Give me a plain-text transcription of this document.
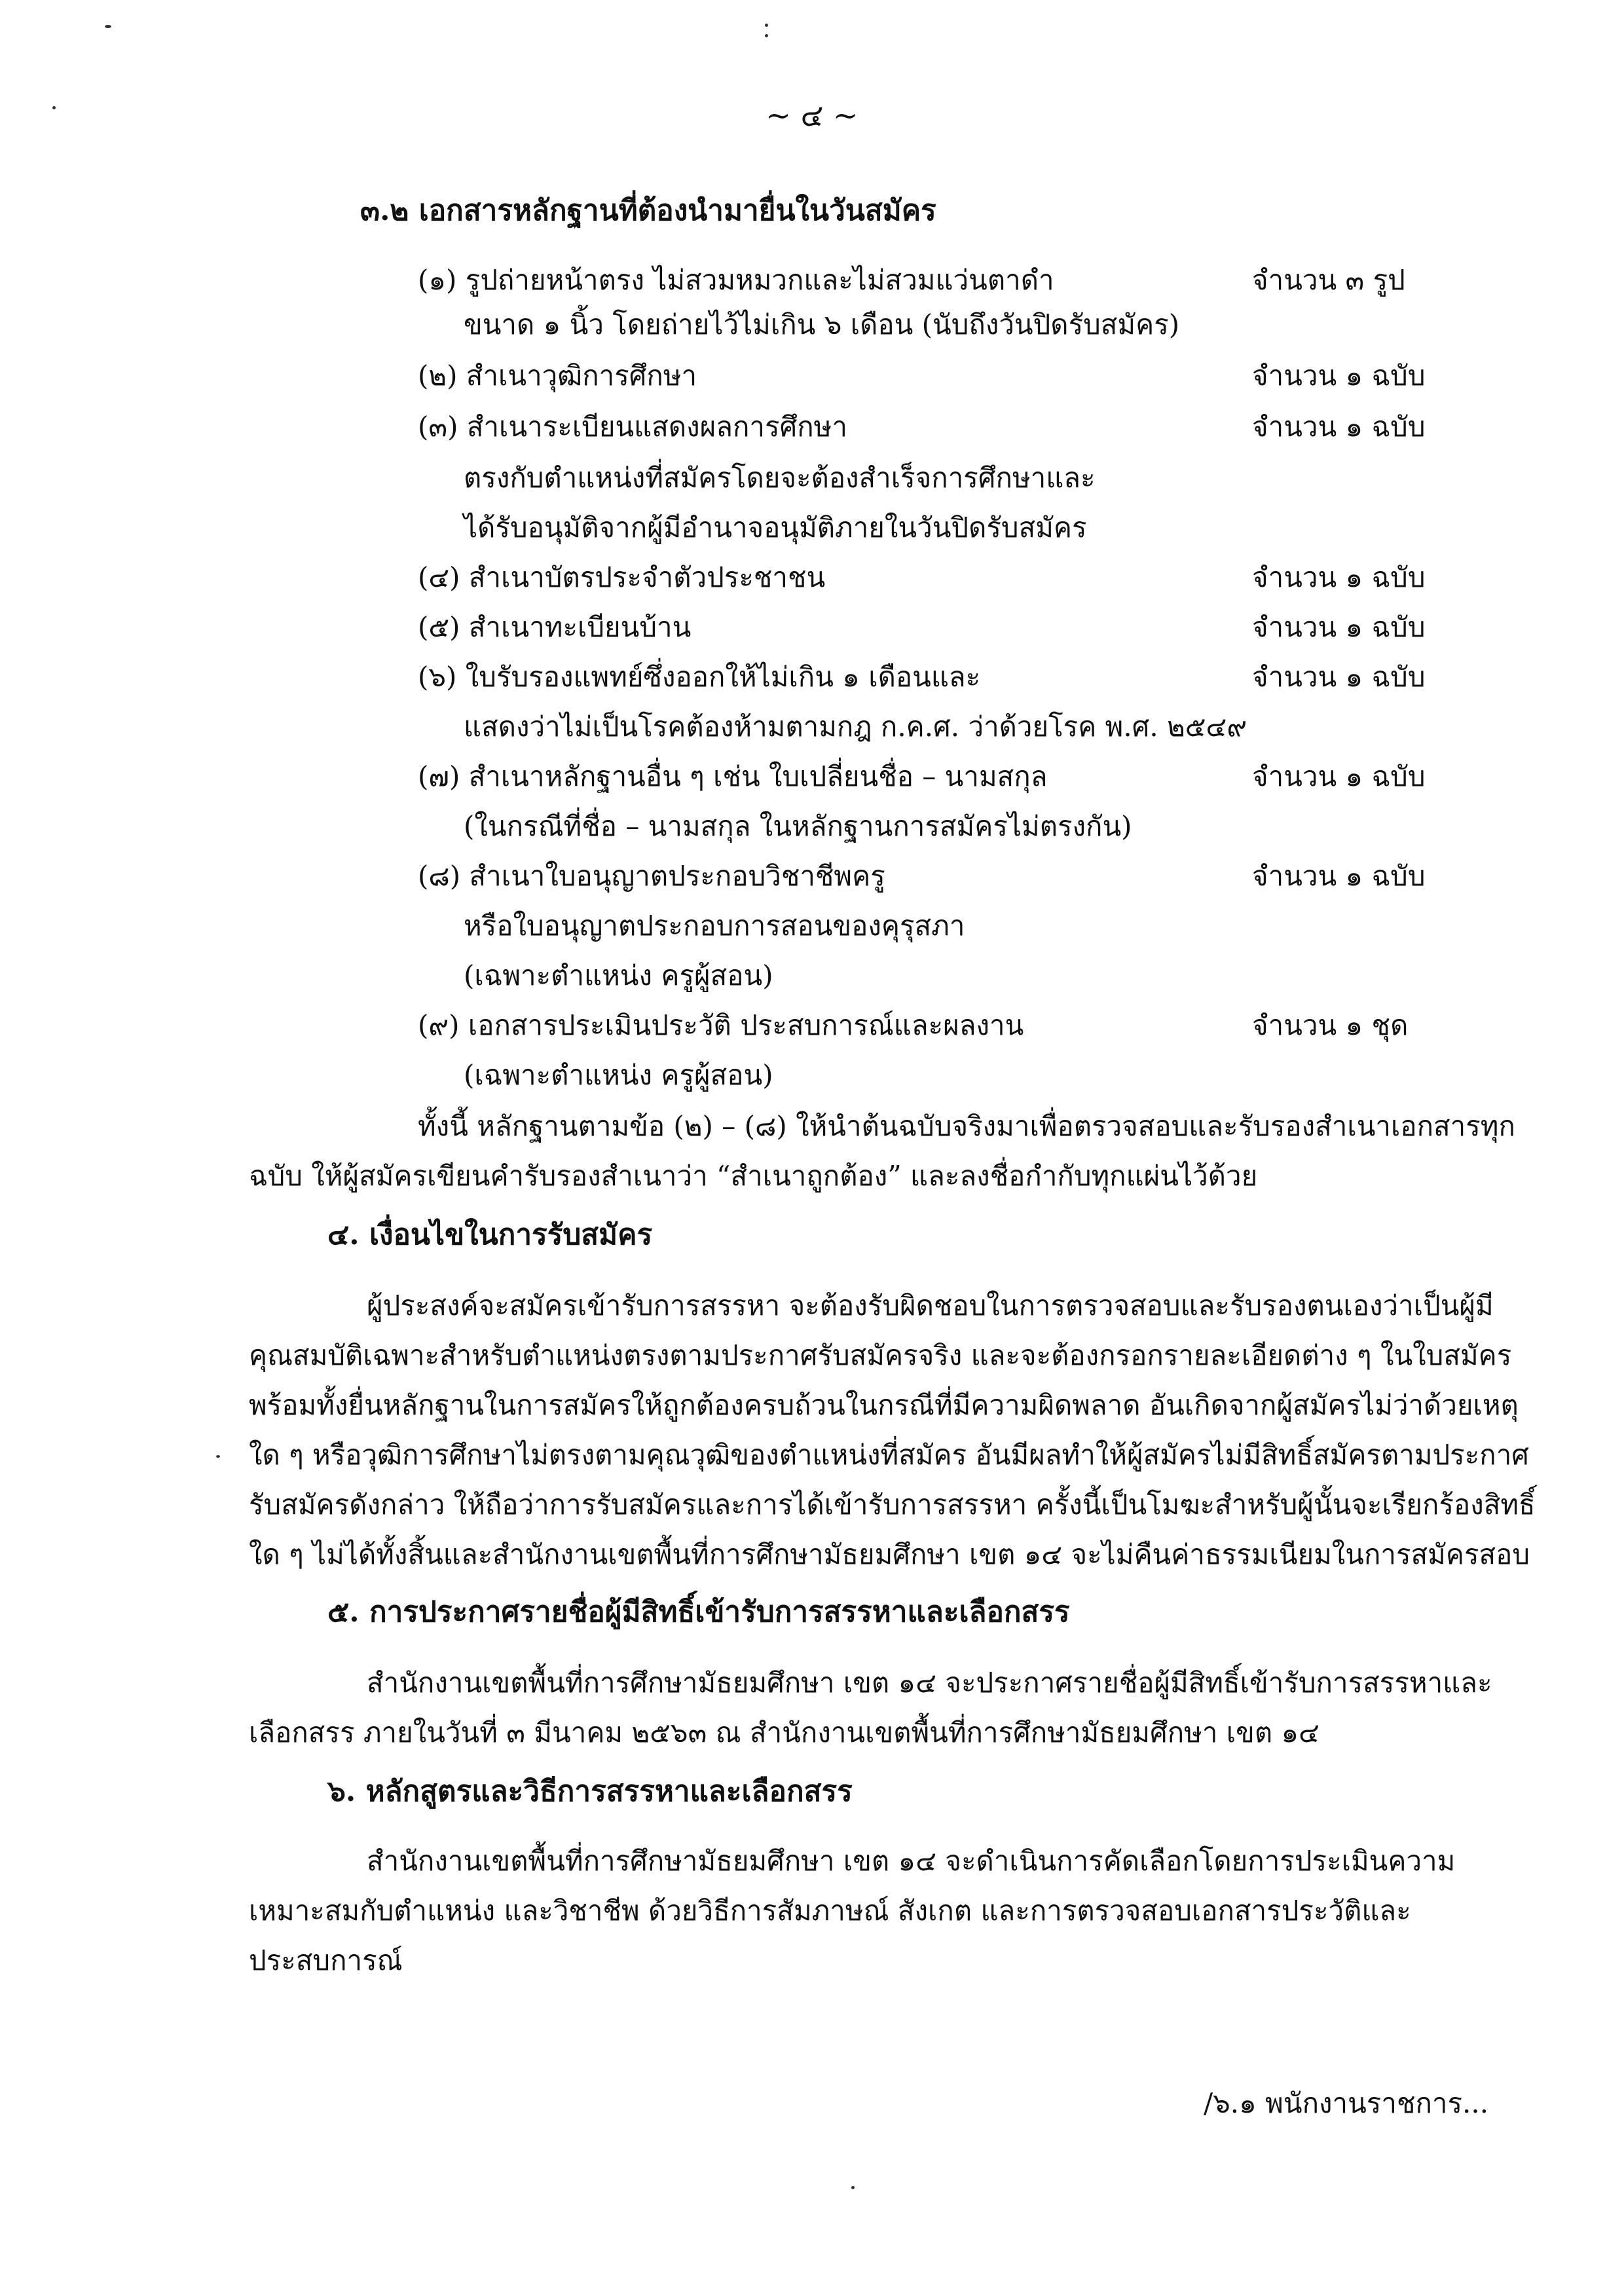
~ ๔ ~
๓.๒ เอกสารหลักฐานที่ต้องนำมายื่นในวันสมัคร
(๑) รูปถ่ายหน้าตรง ไม่สวมหมวกและไม่สวมแว่นตาดำ	จำนวน ๓ รูป
ขนาด ๑ นิ้ว โดยถ่ายไว้ไม่เกิน ๖ เดือน (นับถึงวันปิดรับสมัคร)
(๒) สำเนาวุฒิการศึกษา	จำนวน ๑ ฉบับ
(๓) สำเนาระเบียนแสดงผลการศึกษา	จำนวน ๑ ฉบับ
ตรงกับตำแหน่งที่สมัครโดยจะต้องสำเร็จการศึกษาและ
ได้รับอนุมัติจากผู้มีอำนาจอนุมัติภายในวันปิดรับสมัคร
(๔) สำเนาบัตรประจำตัวประชาชน	จำนวน ๑ ฉบับ
(๕) สำเนาทะเบียนบ้าน	จำนวน ๑ ฉบับ
(๖) ใบรับรองแพทย์ซึ่งออกให้ไม่เกิน ๑ เดือนและ	จำนวน ๑ ฉบับ
แสดงว่าไม่เป็นโรคต้องห้ามตามกฎ ก.ค.ศ. ว่าด้วยโรค พ.ศ. ๒๕๔๙
(๗) สำเนาหลักฐานอื่น ๆ เช่น ใบเปลี่ยนชื่อ – นามสกุล	จำนวน ๑ ฉบับ
(ในกรณีที่ชื่อ – นามสกุล ในหลักฐานการสมัครไม่ตรงกัน)
(๘) สำเนาใบอนุญาตประกอบวิชาชีพครู	จำนวน ๑ ฉบับ
หรือใบอนุญาตประกอบการสอนของคุรุสภา
(เฉพาะตำแหน่ง ครูผู้สอน)
(๙) เอกสารประเมินประวัติ ประสบการณ์และผลงาน	จำนวน ๑ ชุด
(เฉพาะตำแหน่ง ครูผู้สอน)
ทั้งนี้ หลักฐานตามข้อ (๒) – (๘) ให้นำต้นฉบับจริงมาเพื่อตรวจสอบและรับรองสำเนาเอกสารทุก
ฉบับ ให้ผู้สมัครเขียนคำรับรองสำเนาว่า “สำเนาถูกต้อง” และลงชื่อกำกับทุกแผ่นไว้ด้วย
๔. เงื่อนไขในการรับสมัคร
ผู้ประสงค์จะสมัครเข้ารับการสรรหา จะต้องรับผิดชอบในการตรวจสอบและรับรองตนเองว่าเป็นผู้มี
คุณสมบัติเฉพาะสำหรับตำแหน่งตรงตามประกาศรับสมัครจริง และจะต้องกรอกรายละเอียดต่าง ๆ ในใบสมัคร
พร้อมทั้งยื่นหลักฐานในการสมัครให้ถูกต้องครบถ้วนในกรณีที่มีความผิดพลาด อันเกิดจากผู้สมัครไม่ว่าด้วยเหตุ
ใด ๆ หรือวุฒิการศึกษาไม่ตรงตามคุณวุฒิของตำแหน่งที่สมัคร อันมีผลทำให้ผู้สมัครไม่มีสิทธิ์สมัครตามประกาศ
รับสมัครดังกล่าว ให้ถือว่าการรับสมัครและการได้เข้ารับการสรรหา ครั้งนี้เป็นโมฆะสำหรับผู้นั้นจะเรียกร้องสิทธิ์
ใด ๆ ไม่ได้ทั้งสิ้นและสำนักงานเขตพื้นที่การศึกษามัธยมศึกษา เขต ๑๔ จะไม่คืนค่าธรรมเนียมในการสมัครสอบ
๕. การประกาศรายชื่อผู้มีสิทธิ์เข้ารับการสรรหาและเลือกสรร
สำนักงานเขตพื้นที่การศึกษามัธยมศึกษา เขต ๑๔ จะประกาศรายชื่อผู้มีสิทธิ์เข้ารับการสรรหาและ
เลือกสรร ภายในวันที่ ๓ มีนาคม ๒๕๖๓ ณ สำนักงานเขตพื้นที่การศึกษามัธยมศึกษา เขต ๑๔
๖. หลักสูตรและวิธีการสรรหาและเลือกสรร
สำนักงานเขตพื้นที่การศึกษามัธยมศึกษา เขต ๑๔ จะดำเนินการคัดเลือกโดยการประเมินความ
เหมาะสมกับตำแหน่ง และวิชาชีพ ด้วยวิธีการสัมภาษณ์ สังเกต และการตรวจสอบเอกสารประวัติและ
ประสบการณ์
/๖.๑ พนักงานราชการ...
